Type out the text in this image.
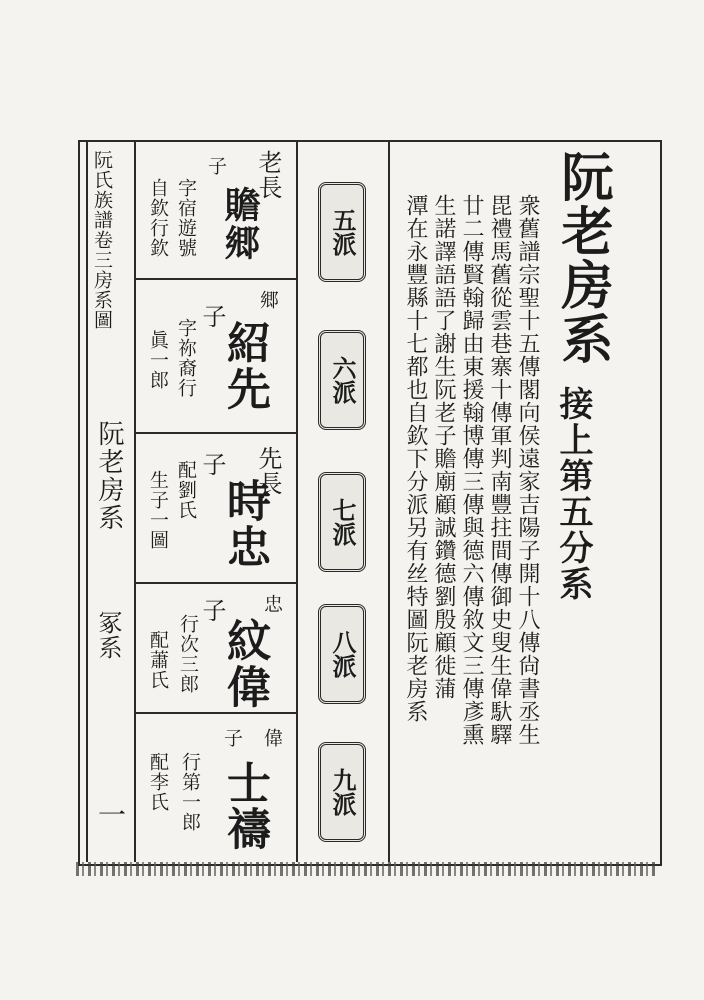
阮氏族譜卷三房系圖
阮老房系
冢系
一
阮老房系
接上第五分系
衆舊譜宗聖十五傳閣向侯遠家吉陽子開十八傳尙書丞生
毘禮馬舊從雲巷寨十傳軍判南豐拄間傳御史叟生偉馱驛
廿二傳賢翰歸由東援翰博傳三傳與德六傳敘文三傳彥熏
生諾譯語語了謝生阮老子贍廟顧誠鑽德劉殷顧徙蒲
潭在永豐縣十七都也自欽下分派另有丝特圖阮老房系
五派
六派
七派
八派
九派
老長
贍郷
子
字宿遊號
自欽行欽
郷
紹先
子
字祢裔行
眞一郎
先長
時忠
子
配劉氏
生子一圖
忠
紋偉
子
行次三郎
配蕭氏
偉
士禱
子
行第一郎
配李氏
